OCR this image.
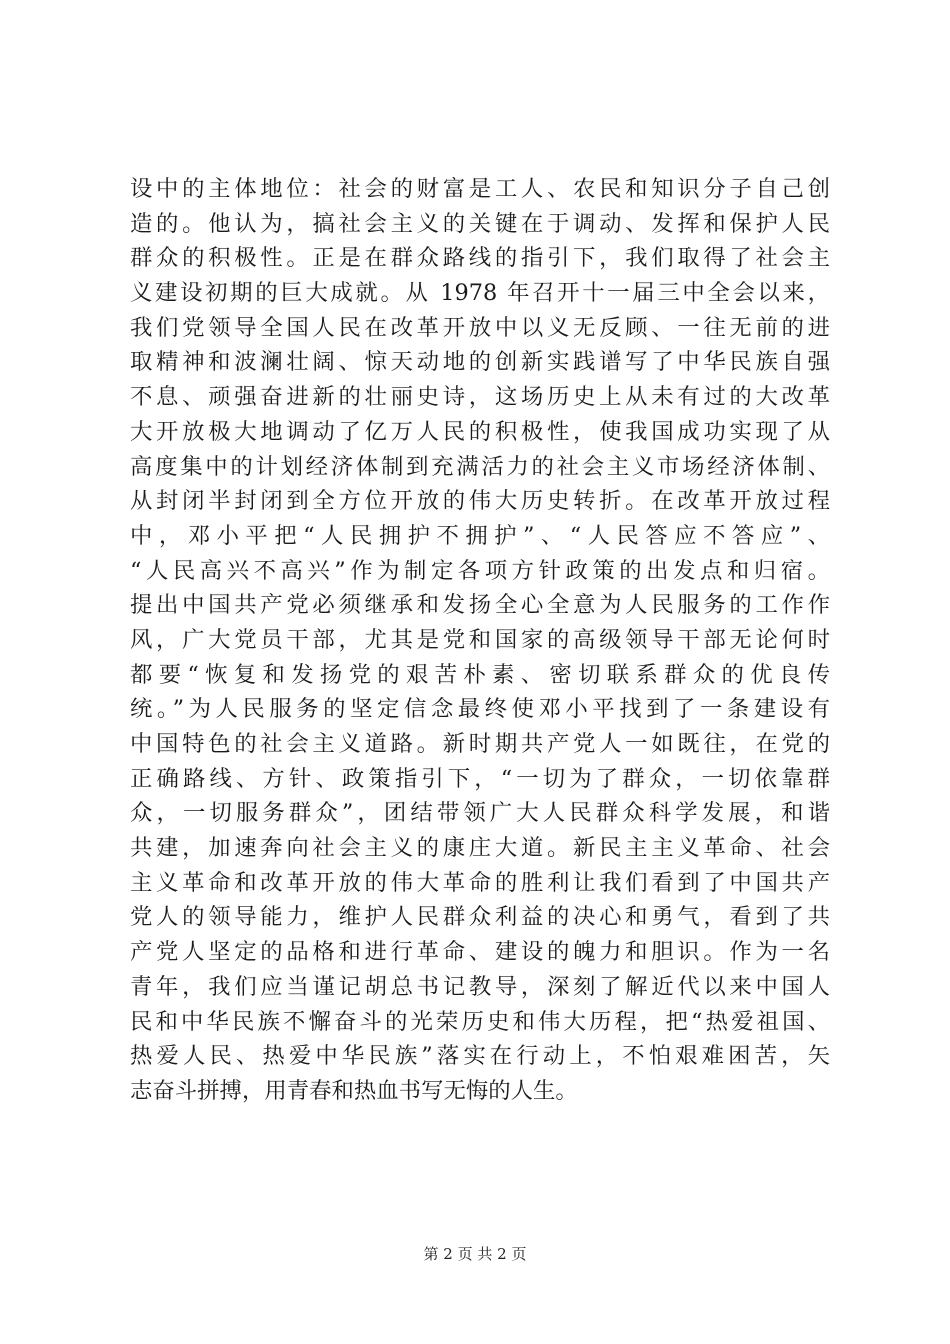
设中的主体地位：社会的财富是工人、农民和知识分子自己创
造的。他认为，搞社会主义的关键在于调动、发挥和保护人民
群众的积极性。正是在群众路线的指引下，我们取得了社会主
义建设初期的巨大成就。从 1978 年召开十一届三中全会以来，
我们党领导全国人民在改革开放中以义无反顾、一往无前的进
取精神和波澜壮阔、惊天动地的创新实践谱写了中华民族自强
不息、顽强奋进新的壮丽史诗，这场历史上从未有过的大改革
大开放极大地调动了亿万人民的积极性，使我国成功实现了从
高度集中的计划经济体制到充满活力的社会主义市场经济体制、
从封闭半封闭到全方位开放的伟大历史转折。在改革开放过程
中，邓小平把“人民拥护不拥护”、“人民答应不答应”、
“人民高兴不高兴”作为制定各项方针政策的出发点和归宿。
提出中国共产党必须继承和发扬全心全意为人民服务的工作作
风，广大党员干部，尤其是党和国家的高级领导干部无论何时
都要“恢复和发扬党的艰苦朴素、密切联系群众的优良传
统。”为人民服务的坚定信念最终使邓小平找到了一条建设有
中国特色的社会主义道路。新时期共产党人一如既往，在党的
正确路线、方针、政策指引下，“一切为了群众，一切依靠群
众，一切服务群众”，团结带领广大人民群众科学发展，和谐
共建，加速奔向社会主义的康庄大道。新民主主义革命、社会
主义革命和改革开放的伟大革命的胜利让我们看到了中国共产
党人的领导能力，维护人民群众利益的决心和勇气，看到了共
产党人坚定的品格和进行革命、建设的魄力和胆识。作为一名
青年，我们应当谨记胡总书记教导，深刻了解近代以来中国人
民和中华民族不懈奋斗的光荣历史和伟大历程，把“热爱祖国、
热爱人民、热爱中华民族”落实在行动上，不怕艰难困苦，矢
志奋斗拼搏，用青春和热血书写无悔的人生。
第 2 页 共 2 页
